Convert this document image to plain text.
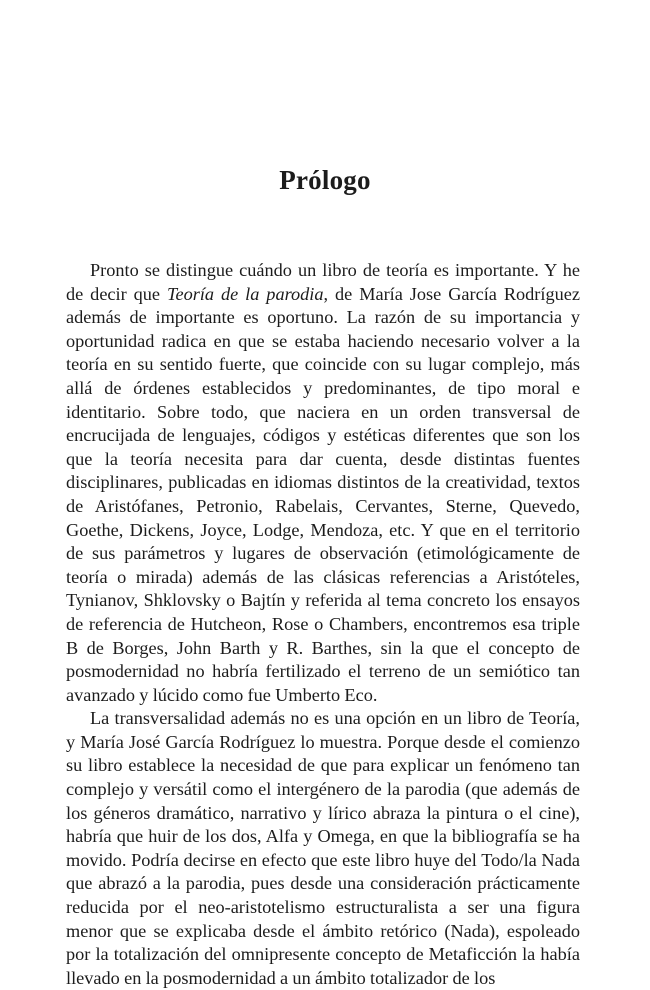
Prólogo

Pronto se distingue cuándo un libro de teoría es importante. Y he de decir que Teoría de la parodia, de María Jose García Rodríguez además de importante es oportuno. La razón de su importancia y oportunidad radica en que se estaba haciendo necesario volver a la teoría en su sentido fuerte, que coincide con su lugar complejo, más allá de órdenes establecidos y predominantes, de tipo moral e identitario. Sobre todo, que naciera en un orden transversal de encrucijada de lenguajes, códigos y estéticas diferentes que son los que la teoría necesita para dar cuenta, desde distintas fuentes disciplinares, publicadas en idiomas distintos de la creatividad, textos de Aristófanes, Petronio, Rabelais, Cervantes, Sterne, Quevedo, Goethe, Dickens, Joyce, Lodge, Mendoza, etc. Y que en el territorio de sus parámetros y lugares de observación (etimológicamente de teoría o mirada) además de las clásicas referencias a Aristóteles, Tynianov, Shklovsky o Bajtín y referida al tema concreto los ensayos de referencia de Hutcheon, Rose o Chambers, encontremos esa triple B de Borges, John Barth y R. Barthes, sin la que el concepto de posmodernidad no habría fertilizado el terreno de un semiótico tan avanzado y lúcido como fue Umberto Eco.

La transversalidad además no es una opción en un libro de Teoría, y María José García Rodríguez lo muestra. Porque desde el comienzo su libro establece la necesidad de que para explicar un fenómeno tan complejo y versátil como el intergénero de la parodia (que además de los géneros dramático, narrativo y lírico abraza la pintura o el cine), habría que huir de los dos, Alfa y Omega, en que la bibliografía se ha movido. Podría decirse en efecto que este libro huye del Todo/la Nada que abrazó a la parodia, pues desde una consideración prácticamente reducida por el neo-aristotelismo estructuralista a ser una figura menor que se explicaba desde el ámbito retórico (Nada), espoleado por la totalización del omnipresente concepto de Metaficción la había llevado en la posmodernidad a un ámbito totalizador de los
